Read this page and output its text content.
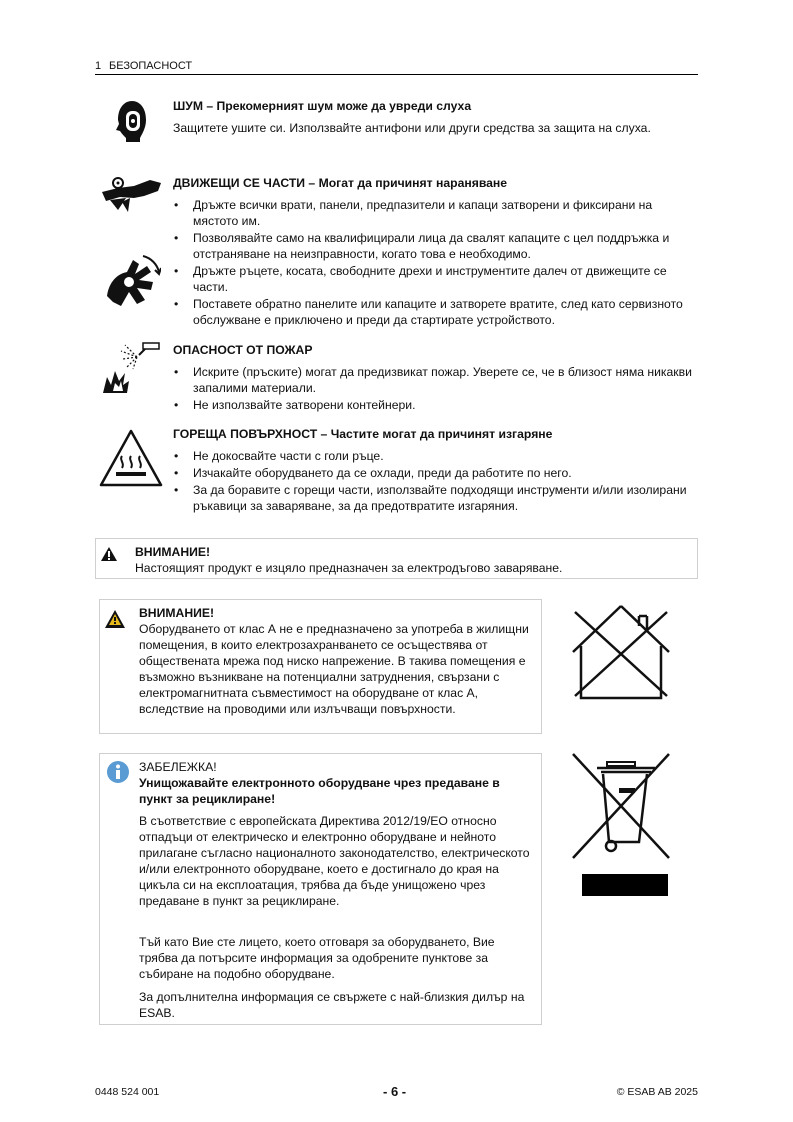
1 БЕЗОПАСНОСТ
ШУМ – Прекомерният шум може да увреди слуха

Защитете ушите си. Използвайте антифони или други средства за защита на слуха.

ДВИЖЕЩИ СЕ ЧАСТИ – Могат да причинят нараняване
• Дръжте всички врати, панели, предпазители и капаци затворени и фиксирани на мястото им.
• Позволявайте само на квалифицирали лица да свалят капаците с цел поддръжка и отстраняване на неизправности, когато това е необходимо.
• Дръжте ръцете, косата, свободните дрехи и инструментите далеч от движещите се части.
• Поставете обратно панелите или капаците и затворете вратите, след като сервизното обслужване е приключено и преди да стартирате устройството.
ОПАСНОСТ ОТ ПОЖАР
• Искрите (пръските) могат да предизвикат пожар. Уверете се, че в близост няма никакви запалими материали.
• Не използвайте затворени контейнери.
ГОРЕЩА ПОВЪРХНОСТ – Частите могат да причинят изгаряне
• Не докосвайте части с голи ръце.
• Изчакайте оборудването да се охлади, преди да работите по него.
• За да боравите с горещи части, използвайте подходящи инструменти и/или изолирани ръкавици за заваряване, за да предотвратите изгаряния.
ВНИМАНИЕ!
Настоящият продукт е изцяло предназначен за електродъгово заваряване.
ВНИМАНИЕ!
Оборудването от клас А не е предназначено за употреба в жилищни помещения, в които електрозахранването се осъществява от обществената мрежа под ниско напрежение. В такива помещения е възможно възникване на потенциални затруднения, свързани с електромагнитната съвместимост на оборудване от клас А, вследствие на проводими или излъчващи повърхности.
ЗАБЕЛЕЖКА!
Унищожавайте електронното оборудване чрез предаване в пункт за рециклиране!
В съответствие с европейската Директива 2012/19/ЕО относно отпадъци от електрическо и електронно оборудване и нейното прилагане съгласно националното законодателство, електрическото и/или електронното оборудване, което е достигнало до края на цикъла си на експлоатация, трябва да бъде унищожено чрез предаване в пункт за рециклиране.
Тъй като Вие сте лицето, което отговаря за оборудването, Вие трябва да потърсите информация за одобрените пунктове за събиране на подобно оборудване.
За допълнителна информация се свържете с най-близкия дилър на ESAB.
0448 524 001	- 6 -	© ESAB AB 2025
